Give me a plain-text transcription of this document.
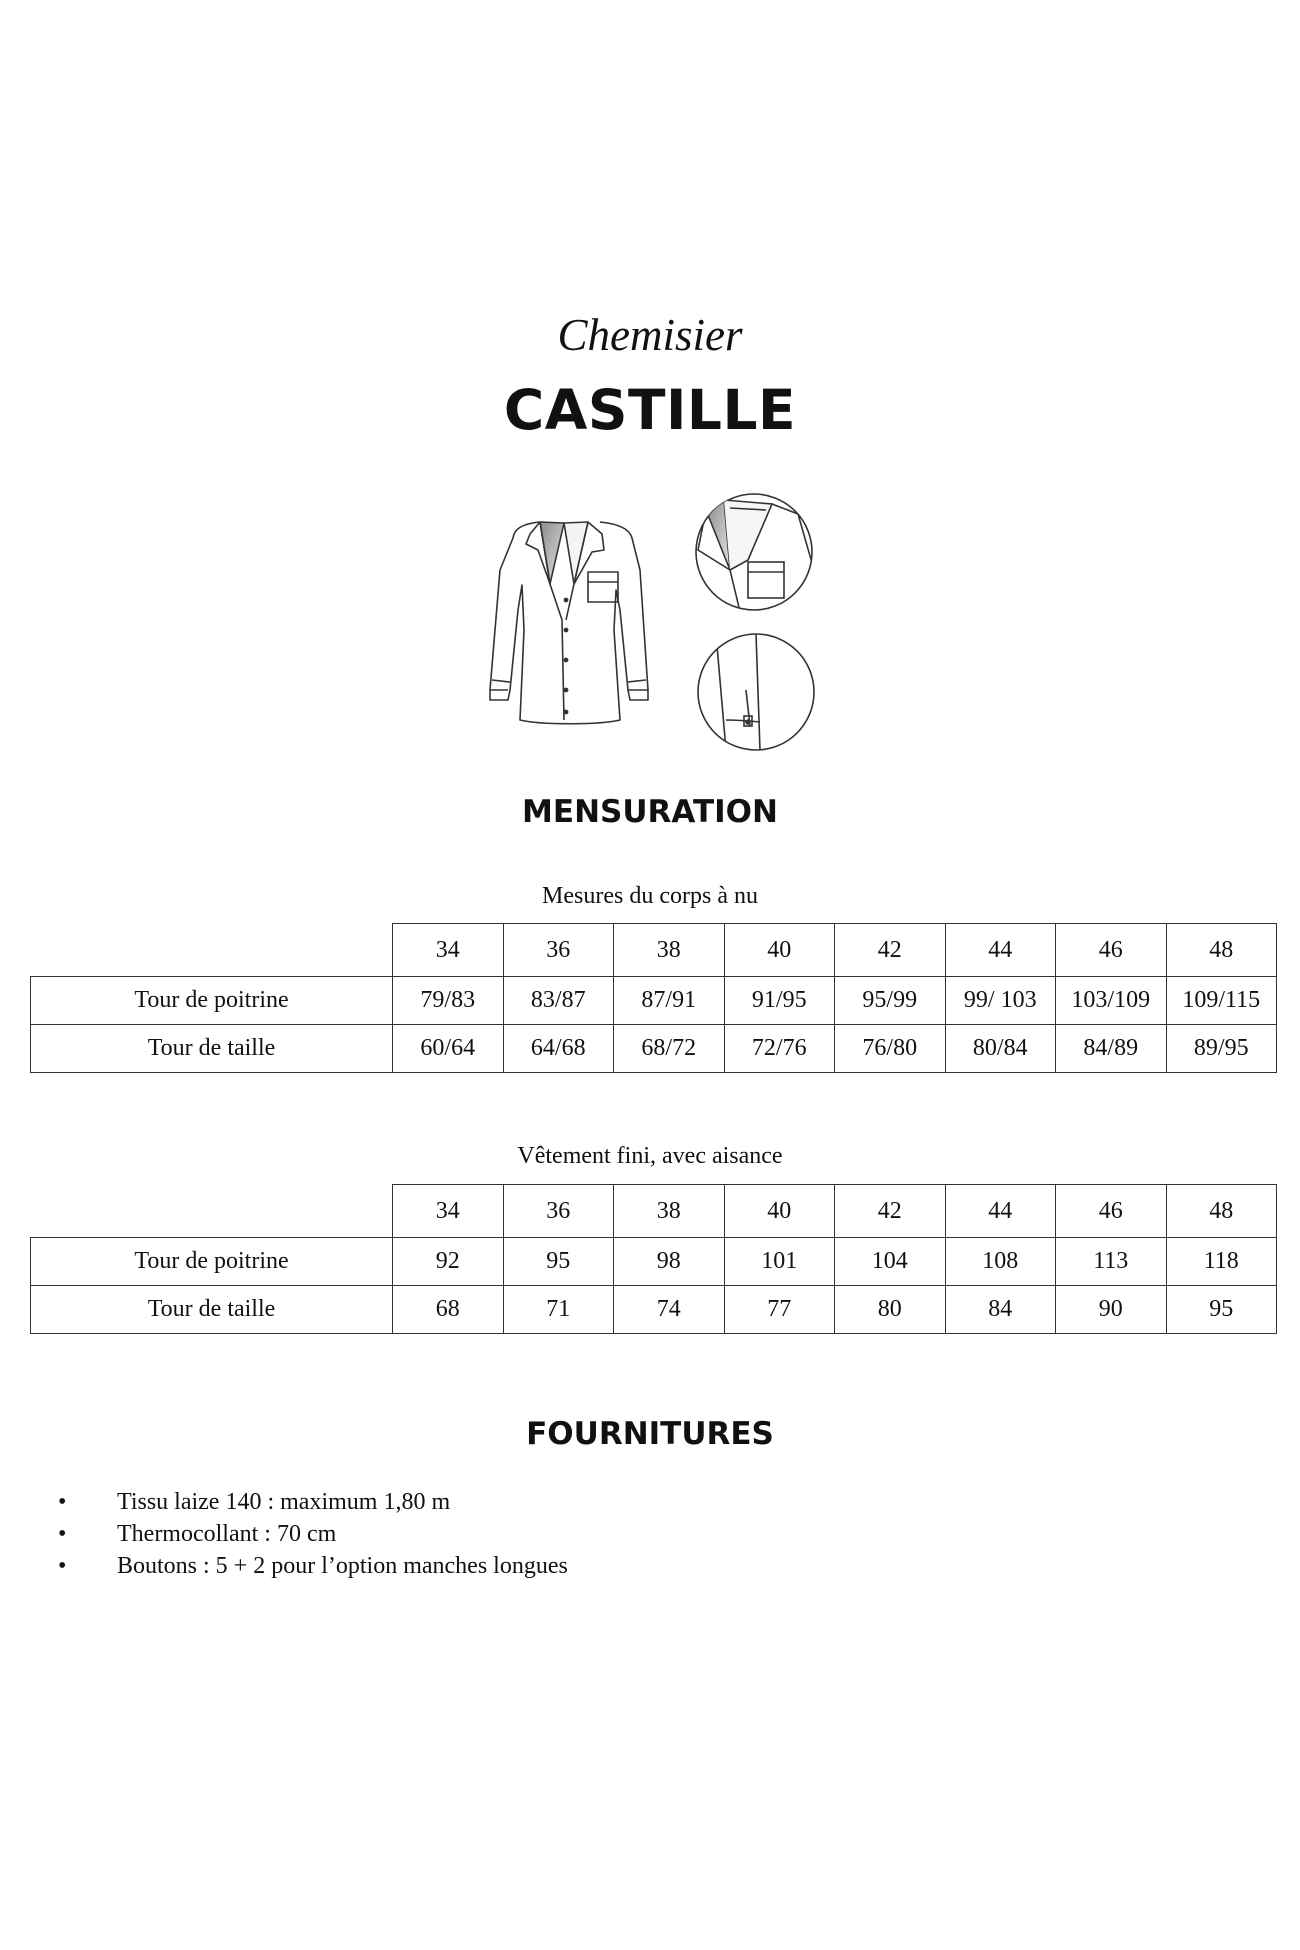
Chemisier
CASTILLE
MENSURATION
Mesures du corps à nu
	34	36	38	40	42	44	46	48
Tour de poitrine	79/83	83/87	87/91	91/95	95/99	99/ 103	103/109	109/115
Tour de taille	60/64	64/68	68/72	72/76	76/80	80/84	84/89	89/95
Vêtement fini, avec aisance
	34	36	38	40	42	44	46	48
Tour de poitrine	92	95	98	101	104	108	113	118
Tour de taille	68	71	74	77	80	84	90	95
FOURNITURES
• Tissu laize 140 : maximum 1,80 m
• Thermocollant : 70 cm
• Boutons : 5 + 2 pour l’option manches longues
